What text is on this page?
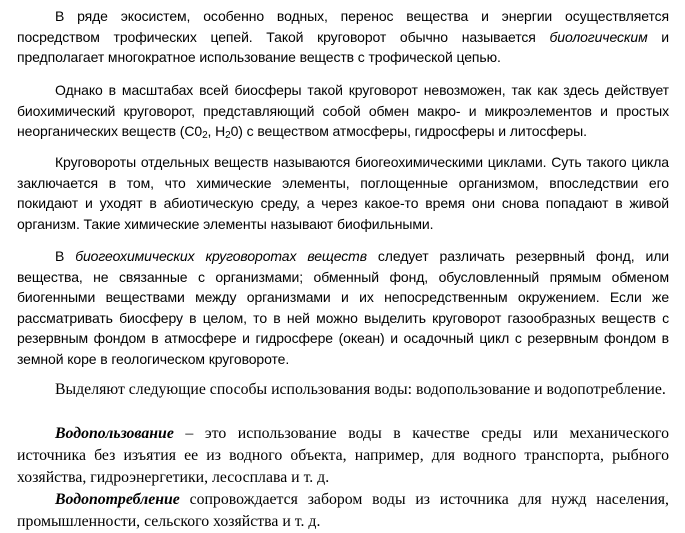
В ряде экосистем, особенно водных, перенос вещества и энергии осуществляется посредством трофических цепей. Такой круговорот обычно называется биологическим и предполагает многократное использование веществ с трофической цепью.

Однако в масштабах всей биосферы такой круговорот невозможен, так как здесь действует биохимический круговорот, представляющий собой обмен макро- и микроэлементов и простых неорганических веществ ($С0_2$, $Н_20$) с веществом атмосферы, гидросферы и литосферы.

Круговороты отдельных веществ называются биогеохимическими циклами. Суть такого цикла заключается в том, что химические элементы, поглощенные организмом, впоследствии его покидают и уходят в абиотическую среду, а через какое-то время они снова попадают в живой организм. Такие химические элементы называют биофильными.

В биогеохимических круговоротах веществ следует различать резервный фонд, или вещества, не связанные с организмами; обменный фонд, обусловленный прямым обменом биогенными веществами между организмами и их непосредственным окружением. Если же рассматривать биосферу в целом, то в ней можно выделить круговорот газообразных веществ с резервным фондом в атмосфере и гидросфере (океан) и осадочный цикл с резервным фондом в земной коре в геологическом круговороте.

Выделяют следующие способы использования воды: водопользование и водопотребление.

Водопользование – это использование воды в качестве среды или механического источника без изъятия ее из водного объекта, например, для водного транспорта, рыбного хозяйства, гидроэнергетики, лесосплава и т. д.

Водопотребление сопровождается забором воды из источника для нужд населения, промышленности, сельского хозяйства и т. д.
